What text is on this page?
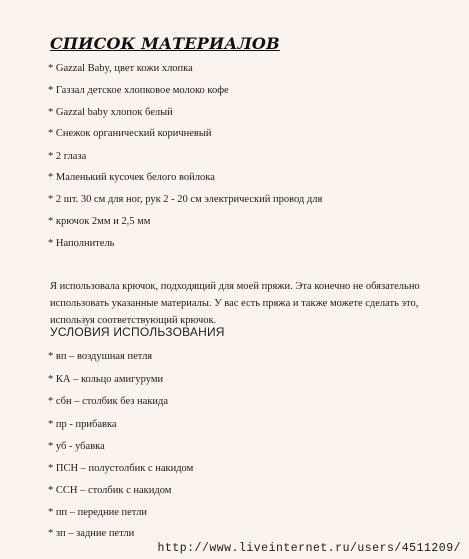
СПИСОК МАТЕРИАЛОВ
* Gazzal Baby, цвет кожи хлопка
* Газзал детское хлопковое молоко кофе
* Gazzal baby хлопок белый
* Снежок органический коричневый
* 2 глаза
* Маленький кусочек белого войлока
* 2 шт. 30 см для ног, рук 2 - 20 см электрический провод для
* крючок 2мм и 2,5 мм
* Наполнитель

Я использовала крючок, подходящий для моей пряжи. Эта конечно не обязательно использовать указанные материалы. У вас есть пряжа и также можете сделать это, используя соответствующий крючок.

УСЛОВИЯ ИСПОЛЬЗОВАНИЯ
* вп – воздушная петля
* КА – кольцо амигуруми
* сбн – столбик без накида
* пр - прибавка
* уб - убавка
* ПСН – полустолбик с накидом
* ССН – столбик с накидом
* пп – передние петли
* зп – задние петли
http://www.liveinternet.ru/users/4511209/
